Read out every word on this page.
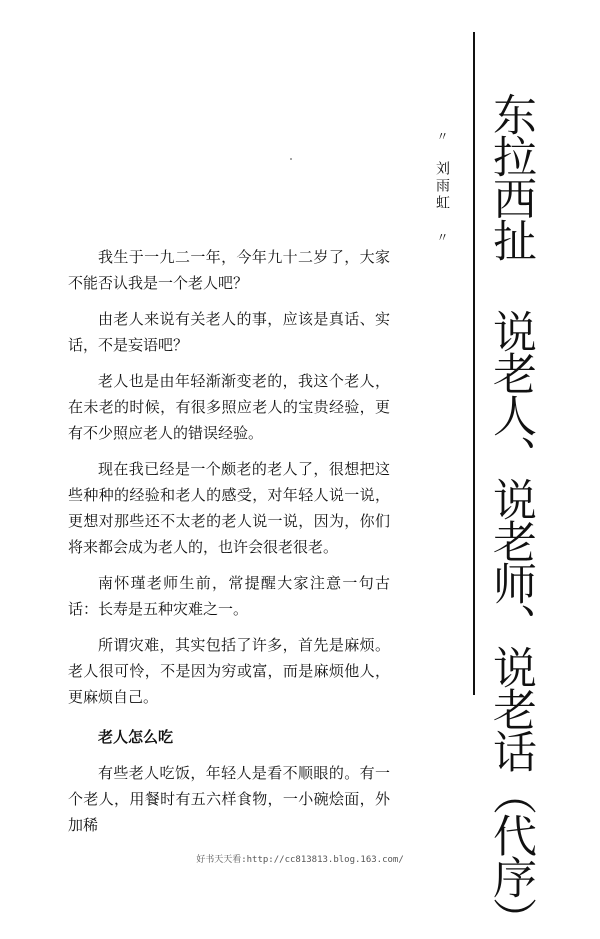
东拉西扯 说老人、说老师、说老话（代序）
〃 刘雨虹 〃

我生于一九二一年，今年九十二岁了，大家不能否认我是一个老人吧？

由老人来说有关老人的事，应该是真话、实话，不是妄语吧？

老人也是由年轻渐渐变老的，我这个老人，在未老的时候，有很多照应老人的宝贵经验，更有不少照应老人的错误经验。

现在我已经是一个颇老的老人了，很想把这些种种的经验和老人的感受，对年轻人说一说，更想对那些还不太老的老人说一说，因为，你们将来都会成为老人的，也许会很老很老。

南怀瑾老师生前，常提醒大家注意一句古话：长寿是五种灾难之一。

所谓灾难，其实包括了许多，首先是麻烦。老人很可怜，不是因为穷或富，而是麻烦他人，更麻烦自己。

老人怎么吃

有些老人吃饭，年轻人是看不顺眼的。有一个老人，用餐时有五六样食物，一小碗烩面，外加稀

好书天天看:http://cc813813.blog.163.com/
